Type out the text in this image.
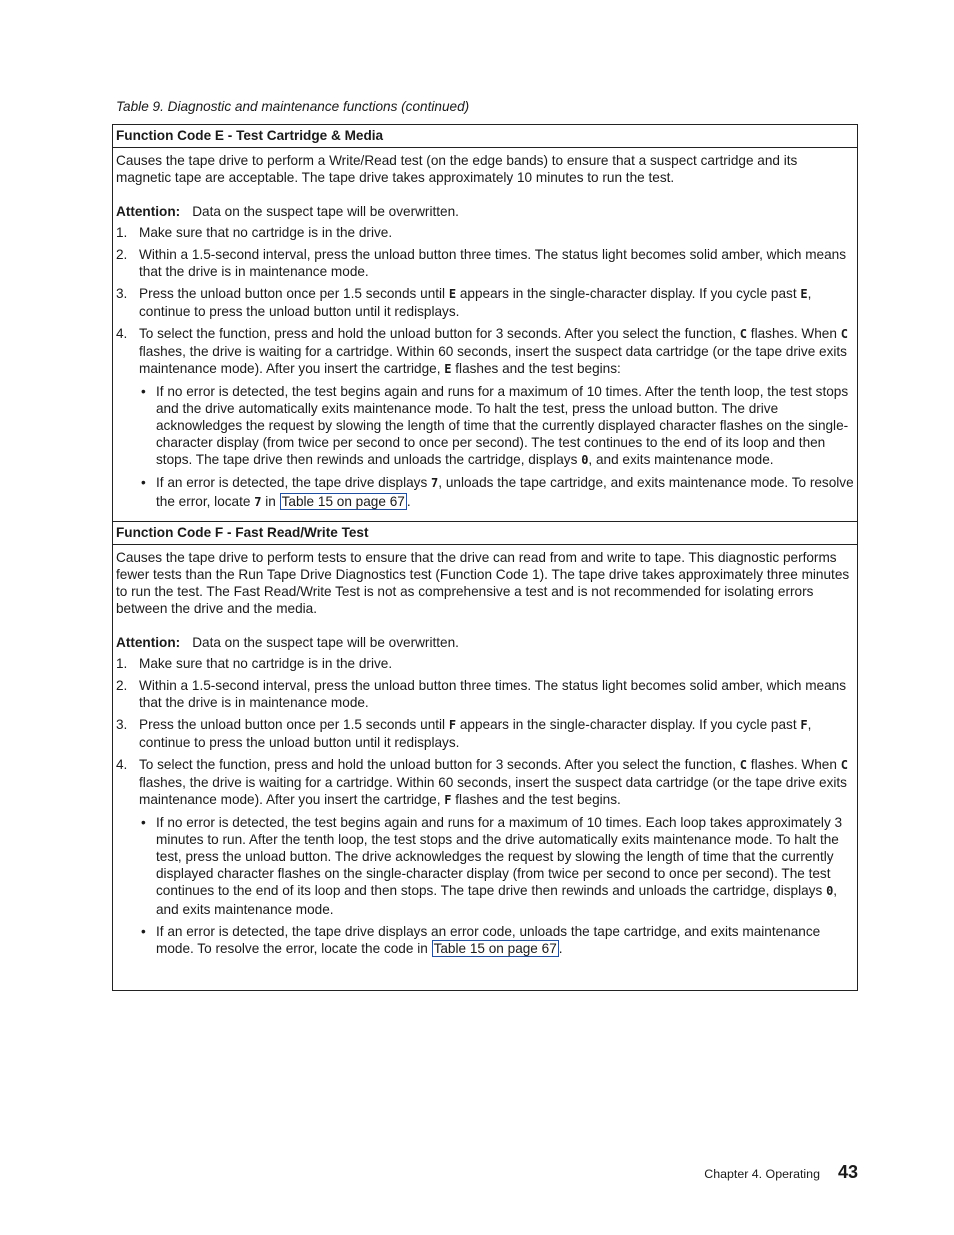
Table 9. Diagnostic and maintenance functions (continued)
Function Code E - Test Cartridge & Media

Causes the tape drive to perform a Write/Read test (on the edge bands) to ensure that a suspect cartridge and its magnetic tape are acceptable. The tape drive takes approximately 10 minutes to run the test.

Attention: Data on the suspect tape will be overwritten.

1. Make sure that no cartridge is in the drive.
2. Within a 1.5-second interval, press the unload button three times. The status light becomes solid amber, which means that the drive is in maintenance mode.
3. Press the unload button once per 1.5 seconds until E appears in the single-character display. If you cycle past E, continue to press the unload button until it redisplays.
4. To select the function, press and hold the unload button for 3 seconds. After you select the function, C flashes. When C flashes, the drive is waiting for a cartridge. Within 60 seconds, insert the suspect data cartridge (or the tape drive exits maintenance mode). After you insert the cartridge, E flashes and the test begins:
• If no error is detected, the test begins again and runs for a maximum of 10 times. After the tenth loop, the test stops and the drive automatically exits maintenance mode. To halt the test, press the unload button. The drive acknowledges the request by slowing the length of time that the currently displayed character flashes on the single-character display (from twice per second to once per second). The test continues to the end of its loop and then stops. The tape drive then rewinds and unloads the cartridge, displays 0, and exits maintenance mode.
• If an error is detected, the tape drive displays 7, unloads the tape cartridge, and exits maintenance mode. To resolve the error, locate 7 in Table 15 on page 67 .
Function Code F - Fast Read/Write Test

Causes the tape drive to perform tests to ensure that the drive can read from and write to tape. This diagnostic performs fewer tests than the Run Tape Drive Diagnostics test (Function Code 1). The tape drive takes approximately three minutes to run the test. The Fast Read/Write Test is not as comprehensive a test and is not recommended for isolating errors between the drive and the media.

Attention: Data on the suspect tape will be overwritten.

1. Make sure that no cartridge is in the drive.
2. Within a 1.5-second interval, press the unload button three times. The status light becomes solid amber, which means that the drive is in maintenance mode.
3. Press the unload button once per 1.5 seconds until F appears in the single-character display. If you cycle past F, continue to press the unload button until it redisplays.
4. To select the function, press and hold the unload button for 3 seconds. After you select the function, C flashes. When C flashes, the drive is waiting for a cartridge. Within 60 seconds, insert the suspect data cartridge (or the tape drive exits maintenance mode). After you insert the cartridge, F flashes and the test begins.
• If no error is detected, the test begins again and runs for a maximum of 10 times. Each loop takes approximately 3 minutes to run. After the tenth loop, the test stops and the drive automatically exits maintenance mode. To halt the test, press the unload button. The drive acknowledges the request by slowing the length of time that the currently displayed character flashes on the single-character display (from twice per second to once per second). The test continues to the end of its loop and then stops. The tape drive then rewinds and unloads the cartridge, displays 0, and exits maintenance mode.
• If an error is detected, the tape drive displays an error code, unloads the tape cartridge, and exits maintenance mode. To resolve the error, locate the code in Table 15 on page 67 .
Chapter 4. Operating 43
